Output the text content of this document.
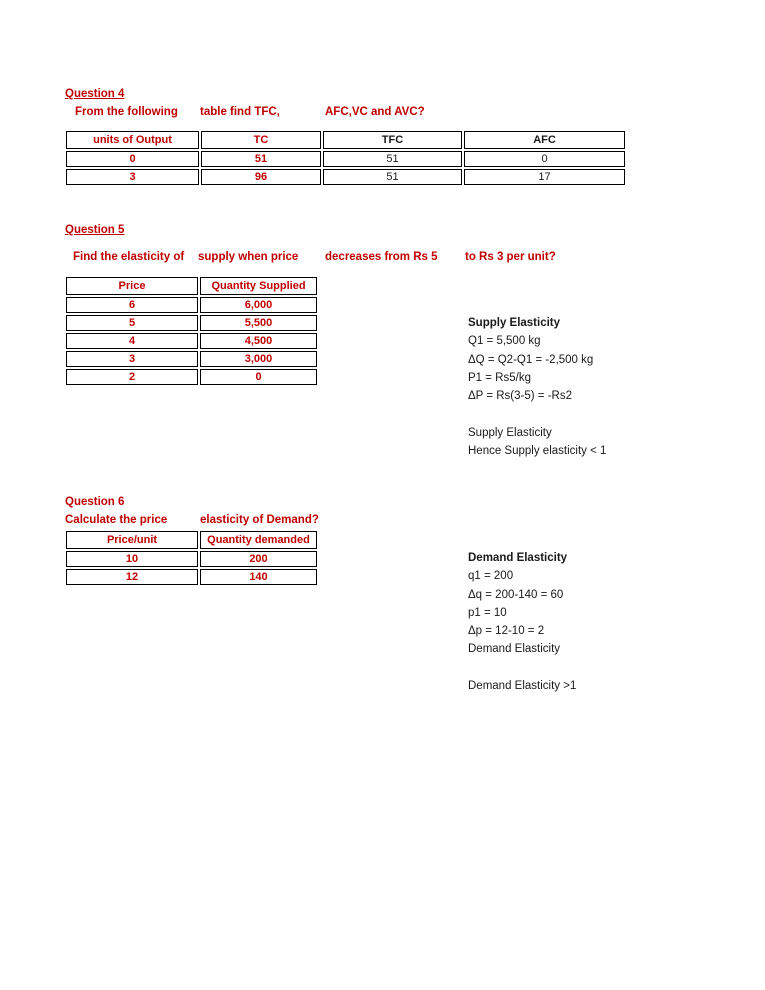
Question 4
From the following table find TFC,	AFC,VC and AVC?
units of Output	TC	TFC	AFC
0	51	51	0
3	96	51	17
Question 5
Find the elasticity of supply when price decreases from Rs 5 to Rs 3 per unit?
Price	Quantity Supplied
6	6,000
5	5,500
4	4,500
3	3,000
2	0
Supply Elasticity
Q1 = 5,500 kg
ΔQ = Q2-Q1 = -2,500 kg
P1 = Rs5/kg
ΔP = Rs(3-5) = -Rs2
Supply Elasticity
Hence Supply elasticity < 1
Question 6
Calculate the price	elasticity of Demand?
Price/unit	Quantity demanded
10	200
12	140
Demand Elasticity
q1 = 200
Δq = 200-140 = 60
p1 = 10
Δp = 12-10 = 2
Demand Elasticity
Demand Elasticity >1
